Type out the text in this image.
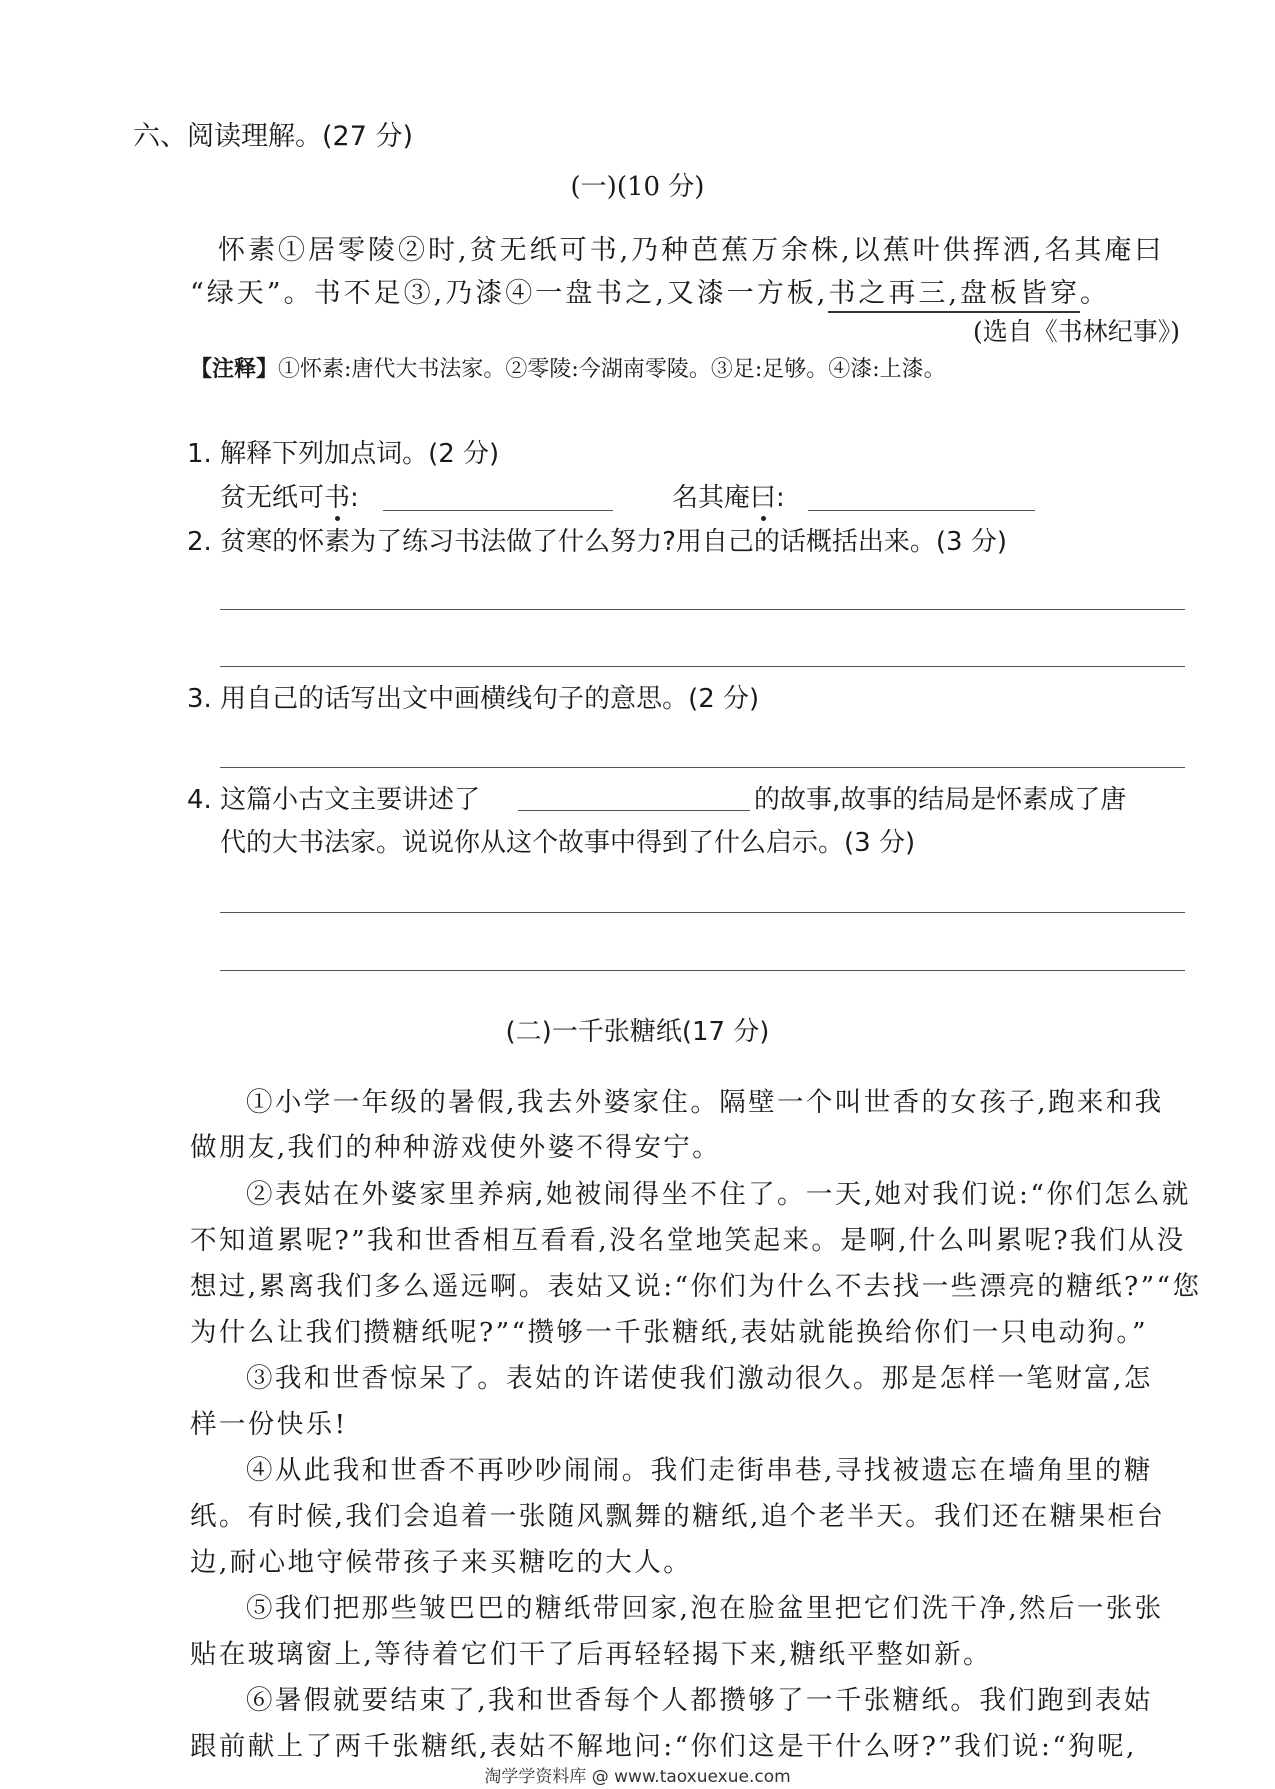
六、阅读理解。(27 分)
(一)(10 分)
怀素①居零陵②时,贫无纸可书,乃种芭蕉万余株,以蕉叶供挥洒,名其庵曰
“绿天”。书不足③,乃漆④一盘书之,又漆一方板,书之再三,盘板皆穿。
(选自《书林纪事》)
【注释】①怀素:唐代大书法家。②零陵:今湖南零陵。③足:足够。④漆:上漆。
1. 解释下列加点词。(2 分)
贫无纸可书:	名其庵曰:
2. 贫寒的怀素为了练习书法做了什么努力?用自己的话概括出来。(3 分)
3. 用自己的话写出文中画横线句子的意思。(2 分)
4. 这篇小古文主要讲述了	的故事,故事的结局是怀素成了唐
代的大书法家。说说你从这个故事中得到了什么启示。(3 分)
(二)一千张糖纸(17 分)
①小学一年级的暑假,我去外婆家住。隔壁一个叫世香的女孩子,跑来和我
做朋友,我们的种种游戏使外婆不得安宁。
②表姑在外婆家里养病,她被闹得坐不住了。一天,她对我们说:“你们怎么就
不知道累呢?”我和世香相互看看,没名堂地笑起来。是啊,什么叫累呢?我们从没
想过,累离我们多么遥远啊。表姑又说:“你们为什么不去找一些漂亮的糖纸?”“您
为什么让我们攒糖纸呢?”“攒够一千张糖纸,表姑就能换给你们一只电动狗。”
③我和世香惊呆了。表姑的许诺使我们激动很久。那是怎样一笔财富,怎
样一份快乐!
④从此我和世香不再吵吵闹闹。我们走街串巷,寻找被遗忘在墙角里的糖
纸。有时候,我们会追着一张随风飘舞的糖纸,追个老半天。我们还在糖果柜台
边,耐心地守候带孩子来买糖吃的大人。
⑤我们把那些皱巴巴的糖纸带回家,泡在脸盆里把它们洗干净,然后一张张
贴在玻璃窗上,等待着它们干了后再轻轻揭下来,糖纸平整如新。
⑥暑假就要结束了,我和世香每个人都攒够了一千张糖纸。我们跑到表姑
跟前献上了两千张糖纸,表姑不解地问:“你们这是干什么呀?”我们说:“狗呢,
淘学学资料库 @ www.taoxuexue.com
